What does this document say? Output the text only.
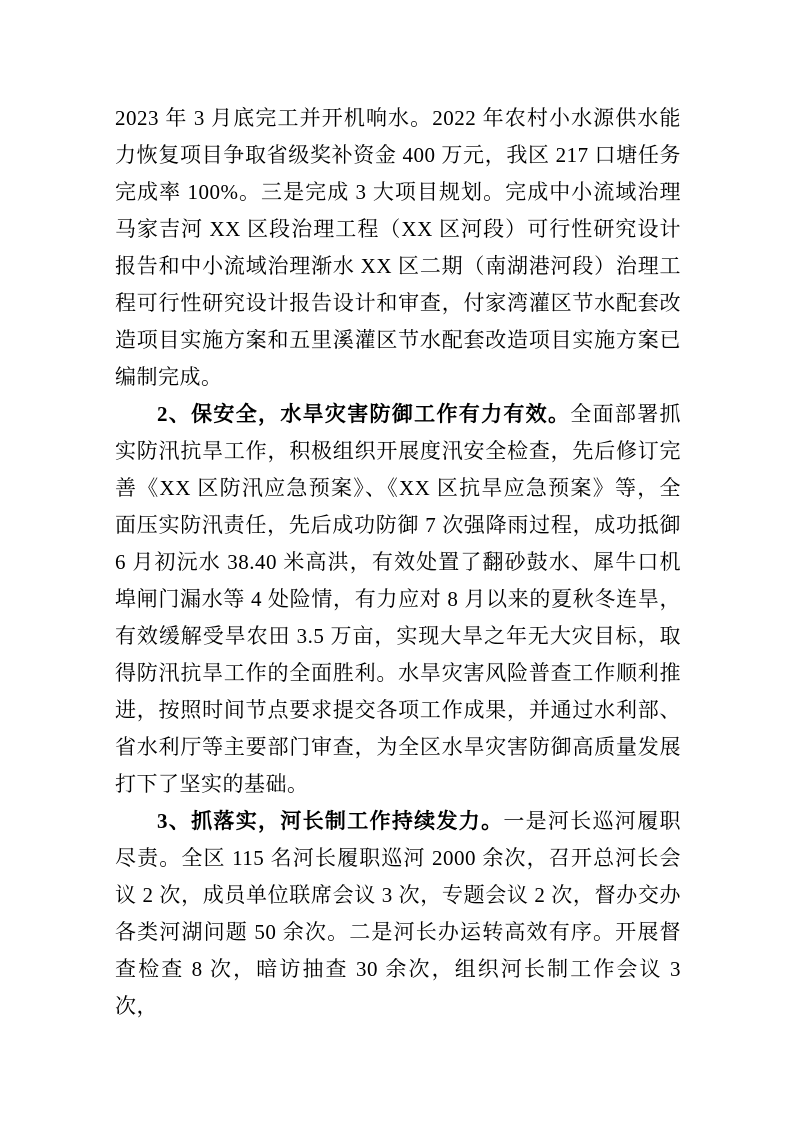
2023 年 3 月底完工并开机响水。2022 年农村小水源供水能力恢复项目争取省级奖补资金 400 万元，我区 217 口塘任务完成率 100%。三是完成 3 大项目规划。完成中小流域治理马家吉河 XX 区段治理工程（XX 区河段）可行性研究设计报告和中小流域治理渐水 XX 区二期（南湖港河段）治理工程可行性研究设计报告设计和审查，付家湾灌区节水配套改造项目实施方案和五里溪灌区节水配套改造项目实施方案已编制完成。

2、保安全，水旱灾害防御工作有力有效。全面部署抓实防汛抗旱工作，积极组织开展度汛安全检查，先后修订完善《XX 区防汛应急预案》、《XX 区抗旱应急预案》等，全面压实防汛责任，先后成功防御 7 次强降雨过程，成功抵御 6 月初沅水 38.40 米高洪，有效处置了翻砂鼓水、犀牛口机埠闸门漏水等 4 处险情，有力应对 8 月以来的夏秋冬连旱，有效缓解受旱农田 3.5 万亩，实现大旱之年无大灾目标，取得防汛抗旱工作的全面胜利。水旱灾害风险普查工作顺利推进，按照时间节点要求提交各项工作成果，并通过水利部、省水利厅等主要部门审查，为全区水旱灾害防御高质量发展打下了坚实的基础。

3、抓落实，河长制工作持续发力。一是河长巡河履职尽责。全区 115 名河长履职巡河 2000 余次，召开总河长会议 2 次，成员单位联席会议 3 次，专题会议 2 次，督办交办各类河湖问题 50 余次。二是河长办运转高效有序。开展督查检查 8 次，暗访抽查 30 余次，组织河长制工作会议 3 次，
